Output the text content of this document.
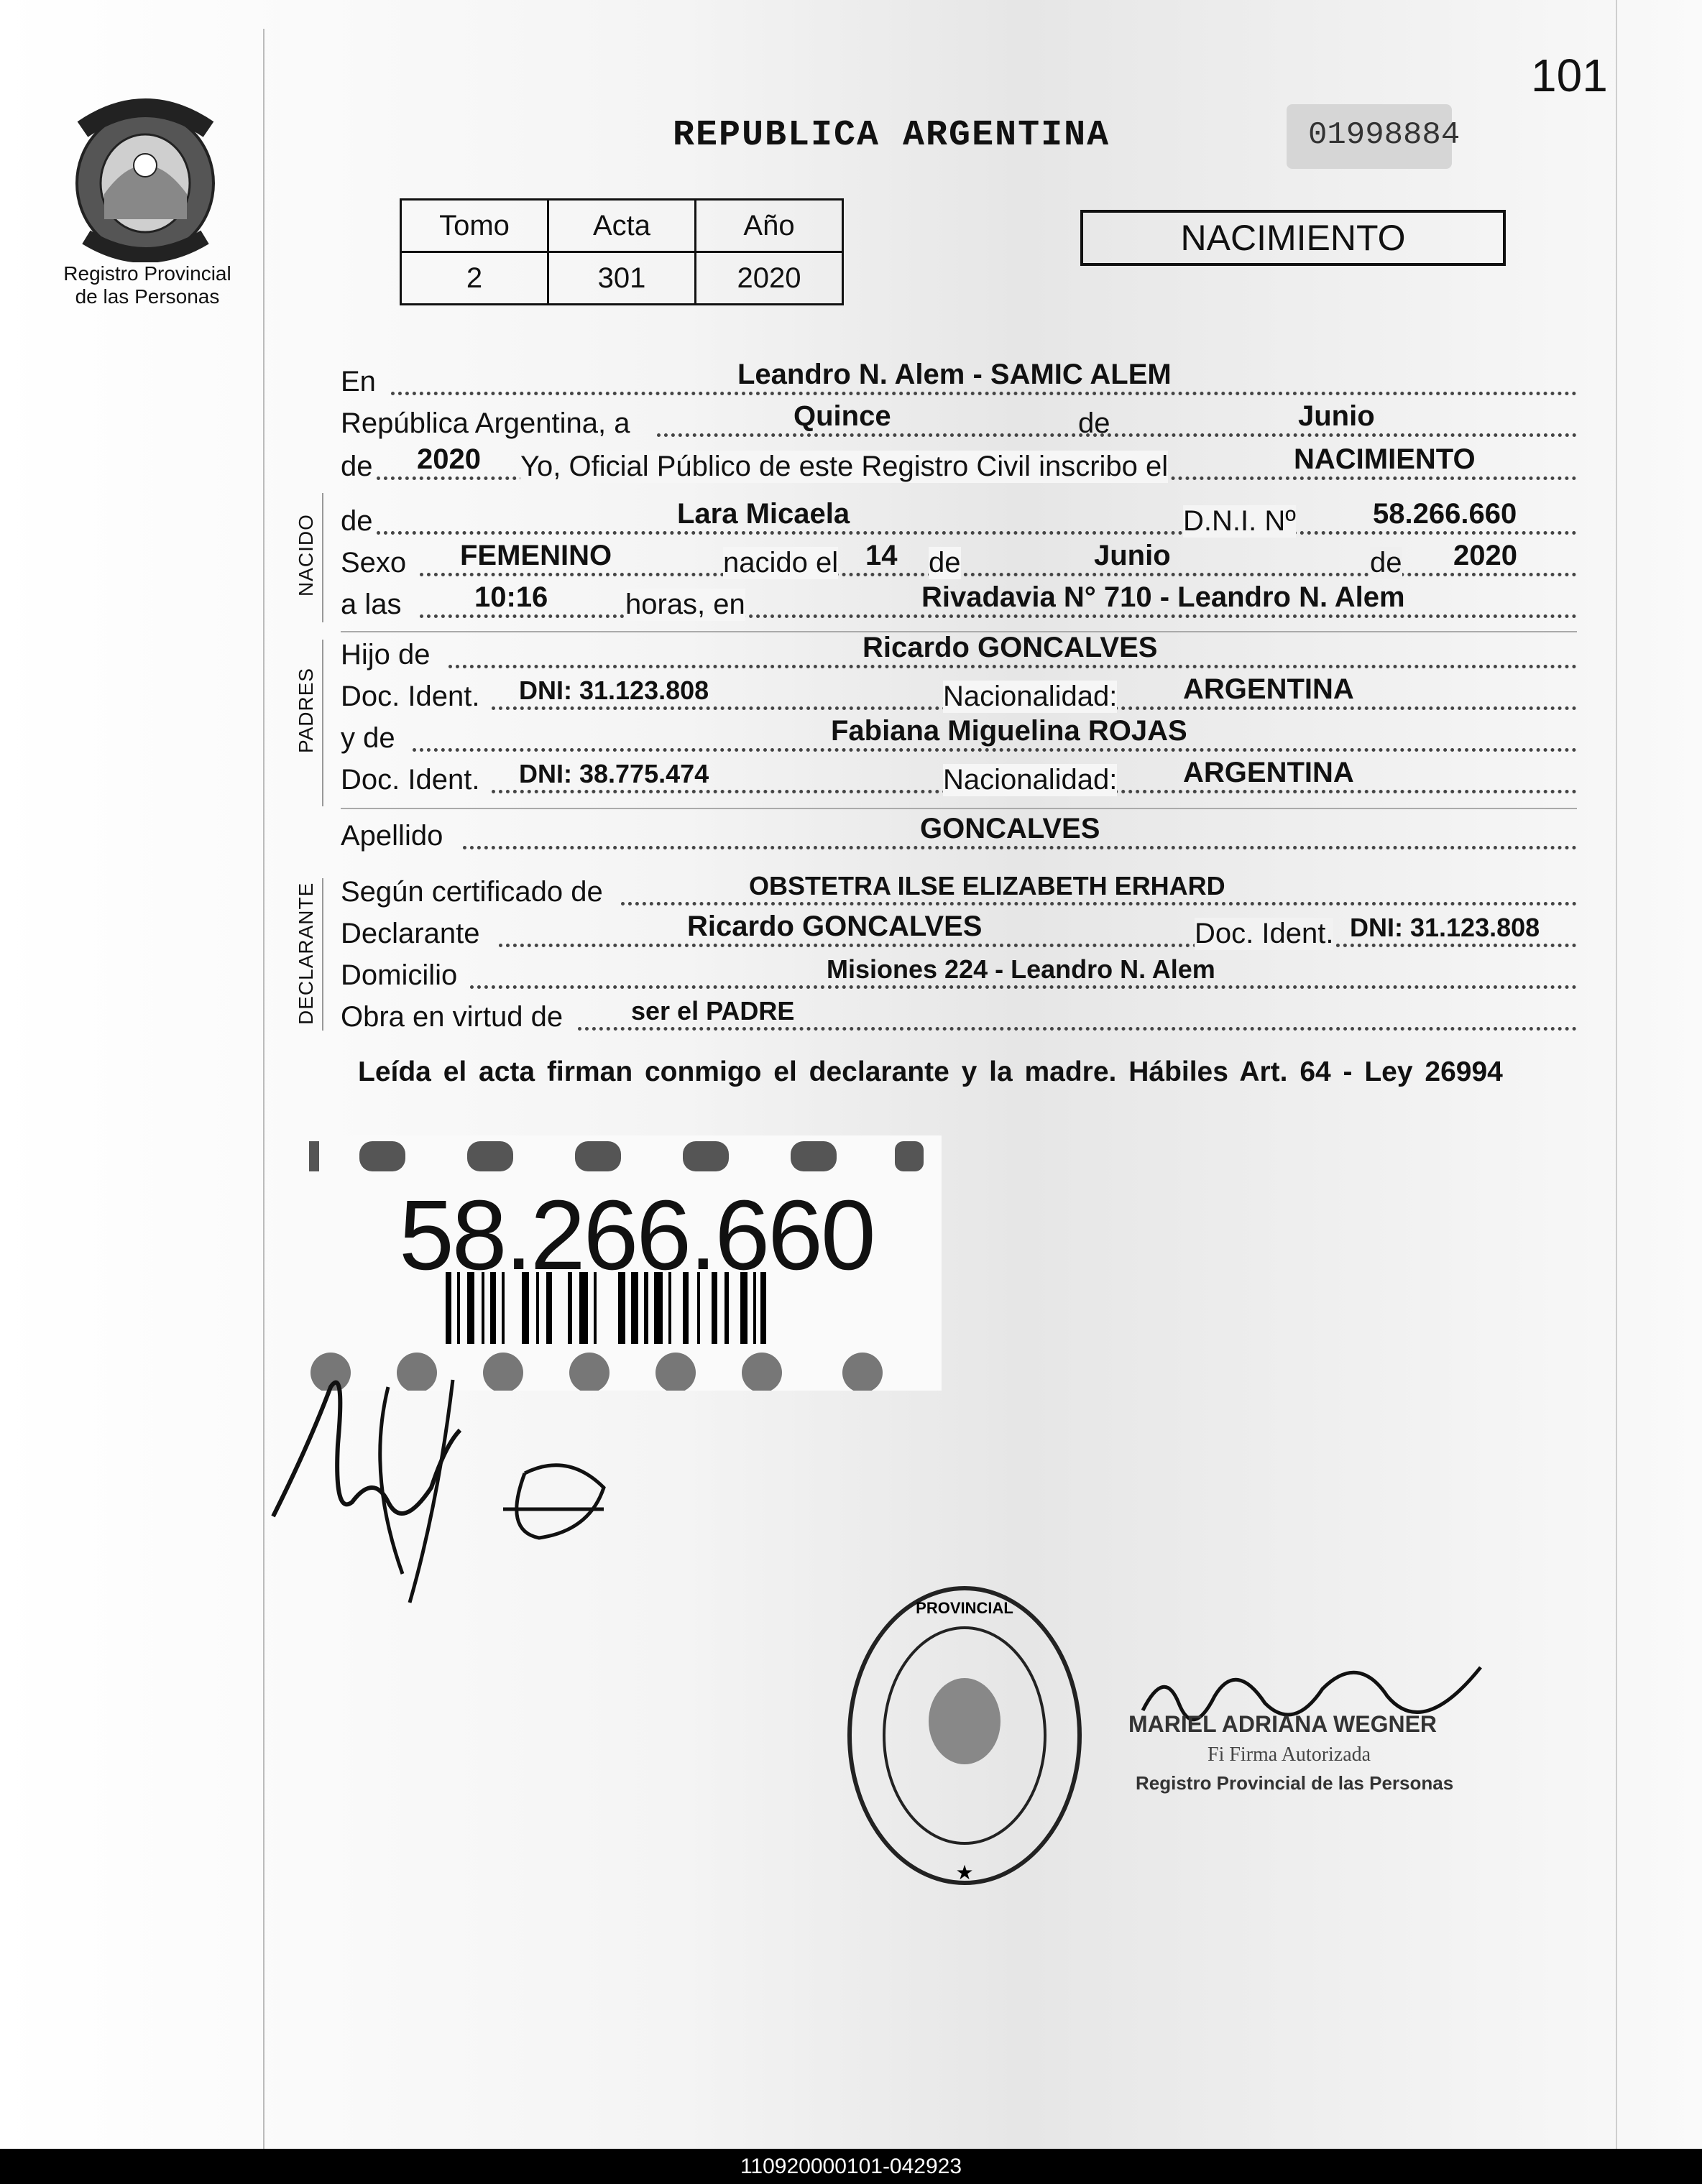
101
Registro Provincial
de las Personas
REPUBLICA ARGENTINA	01998884
Tomo	Acta	Año
2	301	2020
NACIMIENTO
En	Leandro N. Alem - SAMIC ALEM
República Argentina, a	Quince	de	Junio
de 2020 Yo, Oficial Público de este Registro Civil inscribo el	NACIMIENTO
NACIDO de	Lara Micaela	D.N.I. Nº	58.266.660
Sexo FEMENINO	nacido el 14 de	Junio	de 2020
a las	10:16	horas, en	Rivadavia N° 710 - Leandro N. Alem
PADRES
Hijo de	Ricardo GONCALVES
Doc. Ident. DNI: 31.123.808	Nacionalidad: ARGENTINA
y de	Fabiana Miguelina ROJAS
Doc. Ident. DNI: 38.775.474	Nacionalidad: ARGENTINA
Apellido	GONCALVES
DECLARANTE Según certificado de	OBSTETRA ILSE ELIZABETH ERHARD
Declarante	Ricardo GONCALVES	Doc. Ident. DNI: 31.123.808
Domicilio	Misiones 224 - Leandro N. Alem
Obra en virtud de	ser el PADRE
Leída el acta firman conmigo el declarante y la madre. Hábiles Art. 64 - Ley 26994
58.266.660
PROVINCIAL
★
MARIEL ADRIANA WEGNER
Fi Firma Autorizada
Registro Provincial de las Personas
110920000101-042923
